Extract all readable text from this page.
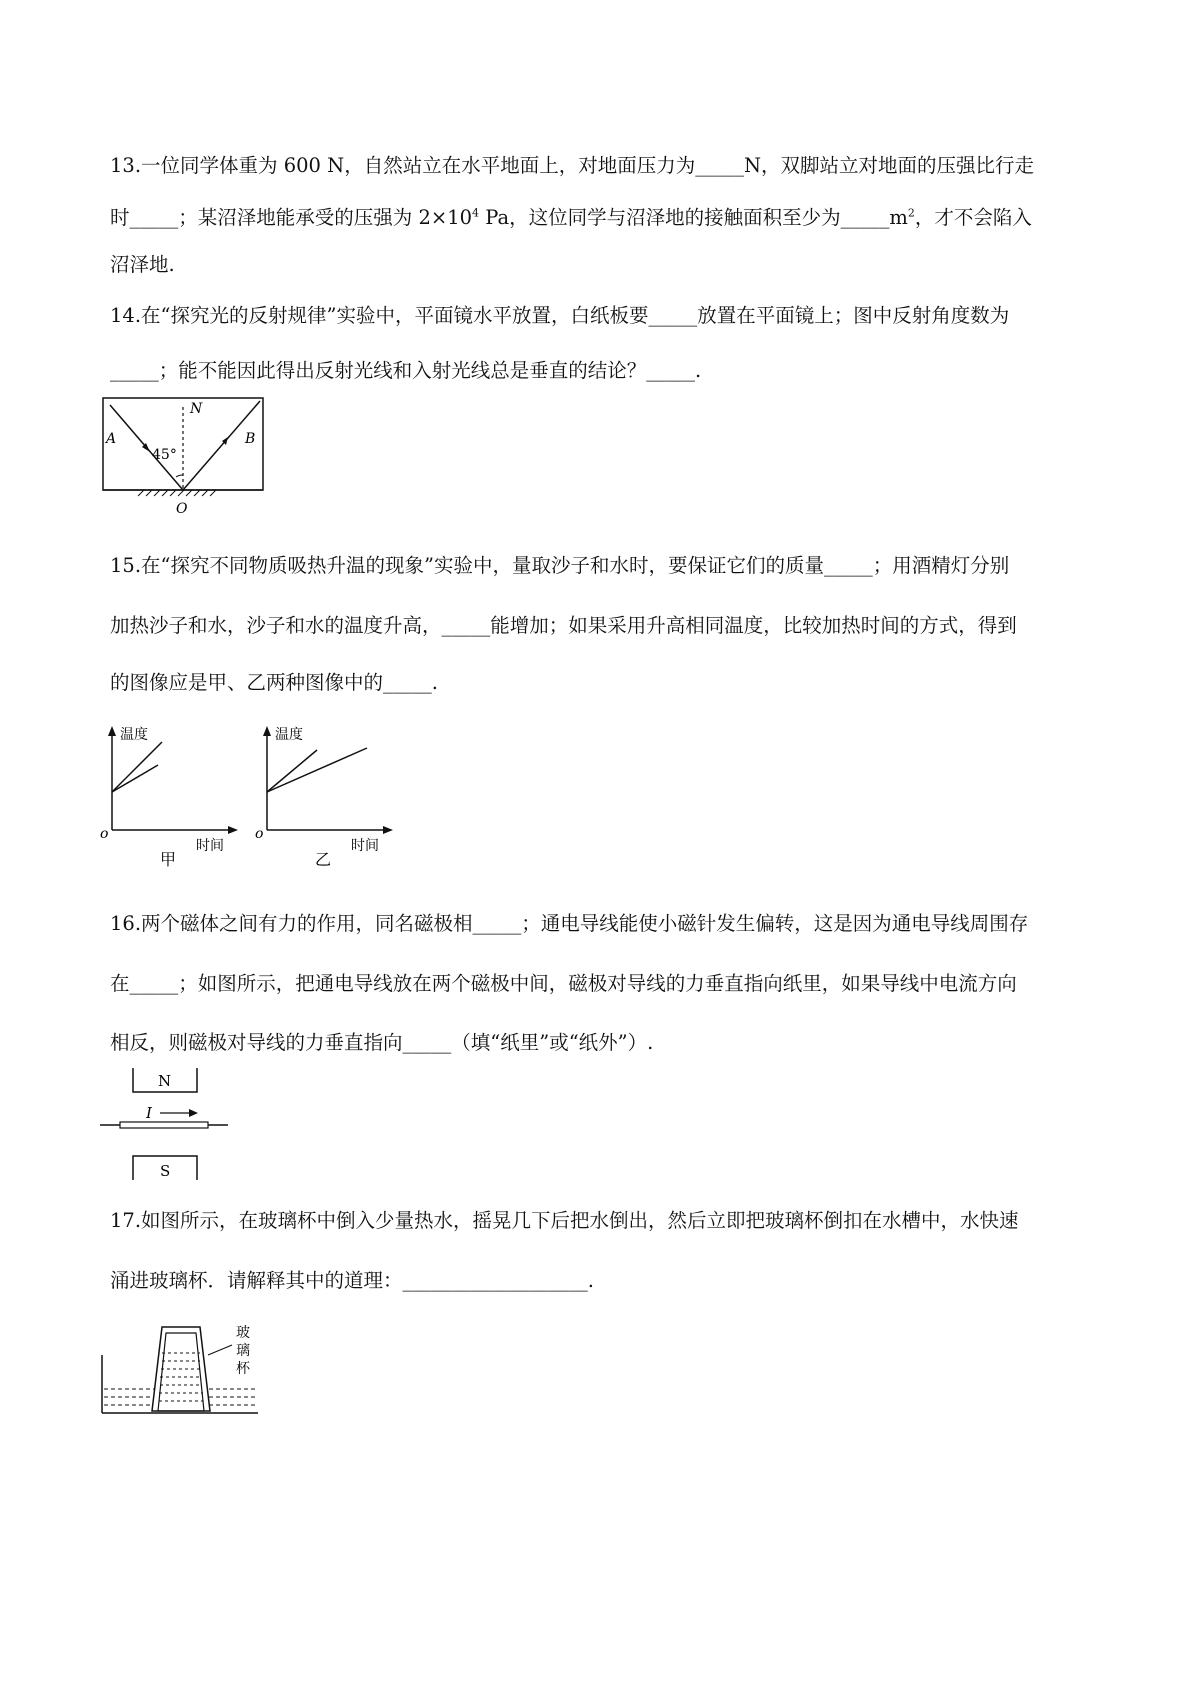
13.一位同学体重为 600 N，自然站立在水平地面上，对地面压力为_____N，双脚站立对地面的压强比行走
时_____；某沼泽地能承受的压强为 $2\times 10^4$ Pa，这位同学与沼泽地的接触面积至少为$\_\_\_\_\_m^2$，才不会陷入
沼泽地.
14.在“探究光的反射规律”实验中，平面镜水平放置，白纸板要_____放置在平面镜上；图中反射角度数为
_____；能不能因此得出反射光线和入射光线总是垂直的结论？_____.
A	B
N
O
45°
15.在“探究不同物质吸热升温的现象”实验中，量取沙子和水时，要保证它们的质量_____；用酒精灯分别
加热沙子和水，沙子和水的温度升高，_____能增加；如果采用升高相同温度，比较加热时间的方式，得到
的图像应是甲、乙两种图像中的_____.
温度
时间
o
甲
温度
时间
o
乙
16.两个磁体之间有力的作用，同名磁极相_____；通电导线能使小磁针发生偏转，这是因为通电导线周围存
在_____；如图所示，把通电导线放在两个磁极中间，磁极对导线的力垂直指向纸里，如果导线中电流方向
相反，则磁极对导线的力垂直指向_____（填“纸里”或“纸外”）.
N
I
S
17.如图所示，在玻璃杯中倒入少量热水，摇晃几下后把水倒出，然后立即把玻璃杯倒扣在水槽中，水快速
涌进玻璃杯．请解释其中的道理：___________________.
玻
璃
杯
